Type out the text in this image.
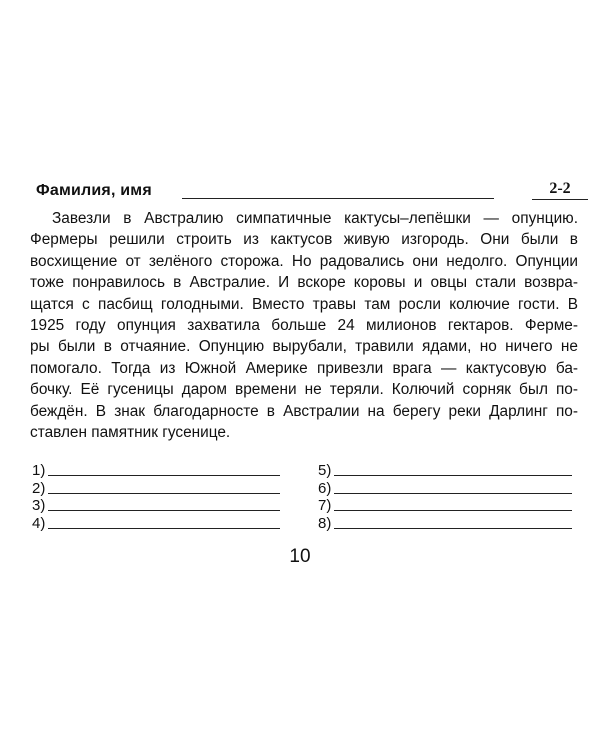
Фамилия, имя	2-2
Завезли в Австралию симпатичные кактусы–лепёшки — опунцию.
Фермеры решили строить из кактусов живую изгородь. Они были в
восхищение от зелёного сторожа. Но радовались они недолго. Опунции
тоже понравилось в Австралие. И вскоре коровы и овцы стали возвра-
щатся с пасбищ голодными. Вместо травы там росли колючие гости. В
1925 году опунция захватила больше 24 милионов гектаров. Ферме-
ры были в отчаяние. Опунцию вырубали, травили ядами, но ничего не
помогало. Тогда из Южной Америке привезли врага — кактусовую ба-
бочку. Её гусеницы даром времени не теряли. Колючий сорняк был по-
беждён. В знак благодарносте в Австралии на берегу реки Дарлинг по-
ставлен памятник гусенице.
1)
2)
3)
4)
5)
6)
7)
8)
10
